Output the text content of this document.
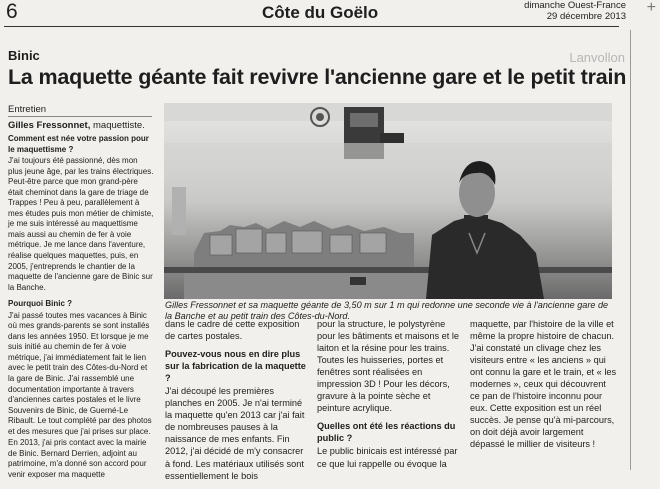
6	Côte du Goëlo	dimanche Ouest-France
29 décembre 2013
+
Lanvollon
Binic
La maquette géante fait revivre l'ancienne gare et le petit train
Entretien
Gilles Fressonnet, maquettiste.

Comment est née votre passion pour le maquettisme ?

J'ai toujours été passionné, dès mon plus jeune âge, par les trains électriques. Peut-être parce que mon grand-père était cheminot dans la gare de triage de Trappes ! Peu à peu, parallèlement à mes études puis mon métier de chimiste, je me suis intéressé au maquettisme mais aussi au chemin de fer à voie métrique. Je me lance dans l'aventure, réalise quelques maquettes, puis, en 2005, j'entreprends le chantier de la maquette de l'ancienne gare de Binic sur la Banche.

Pourquoi Binic ?

J'ai passé toutes mes vacances à Binic où mes grands-parents se sont installés dans les années 1950. Et lorsque je me suis initié au chemin de fer à voie métrique, j'ai immédiatement fait le lien avec le petit train des Côtes-du-Nord et la gare de Binic. J'ai rassemblé une documentation importante à travers d'anciennes cartes postales et le livre Souvenirs de Binic, de Guerné-Le Ribault. Le tout complété par des photos et des mesures que j'ai prises sur place.

En 2013, j'ai pris contact avec la mairie de Binic. Bernard Derrien, adjoint au patrimoine, m'a donné son accord pour venir exposer ma maquette

Gilles Fressonnet et sa maquette géante de 3,50 m sur 1 m qui redonne une seconde vie à l'ancienne gare de la Banche et au petit train des Côtes-du-Nord.

dans le cadre de cette exposition de cartes postales.

Pouvez-vous nous en dire plus sur la fabrication de la maquette ?

J'ai découpé les premières planches en 2005. Je n'ai terminé la maquette qu'en 2013 car j'ai fait de nombreuses pauses à la naissance de mes enfants. Fin 2012, j'ai décidé de m'y consacrer à fond. Les matériaux utilisés sont essentiellement le bois

pour la structure, le polystyrène pour les bâtiments et maisons et le laiton et la résine pour les trains. Toutes les huisseries, portes et fenêtres sont réalisées en impression 3D ! Pour les décors, gravure à la pointe sèche et peinture acrylique.

Quelles ont été les réactions du public ?

Le public binicais est intéressé par ce que lui rappelle ou évoque la

maquette, par l'histoire de la ville et même la propre histoire de chacun. J'ai constaté un clivage chez les visiteurs entre « les anciens » qui ont connu la gare et le train, et « les modernes », ceux qui découvrent ce pan de l'histoire inconnu pour eux. Cette exposition est un réel succès. Je pense qu'à mi-parcours, on doit déjà avoir largement dépassé le millier de visiteurs !
